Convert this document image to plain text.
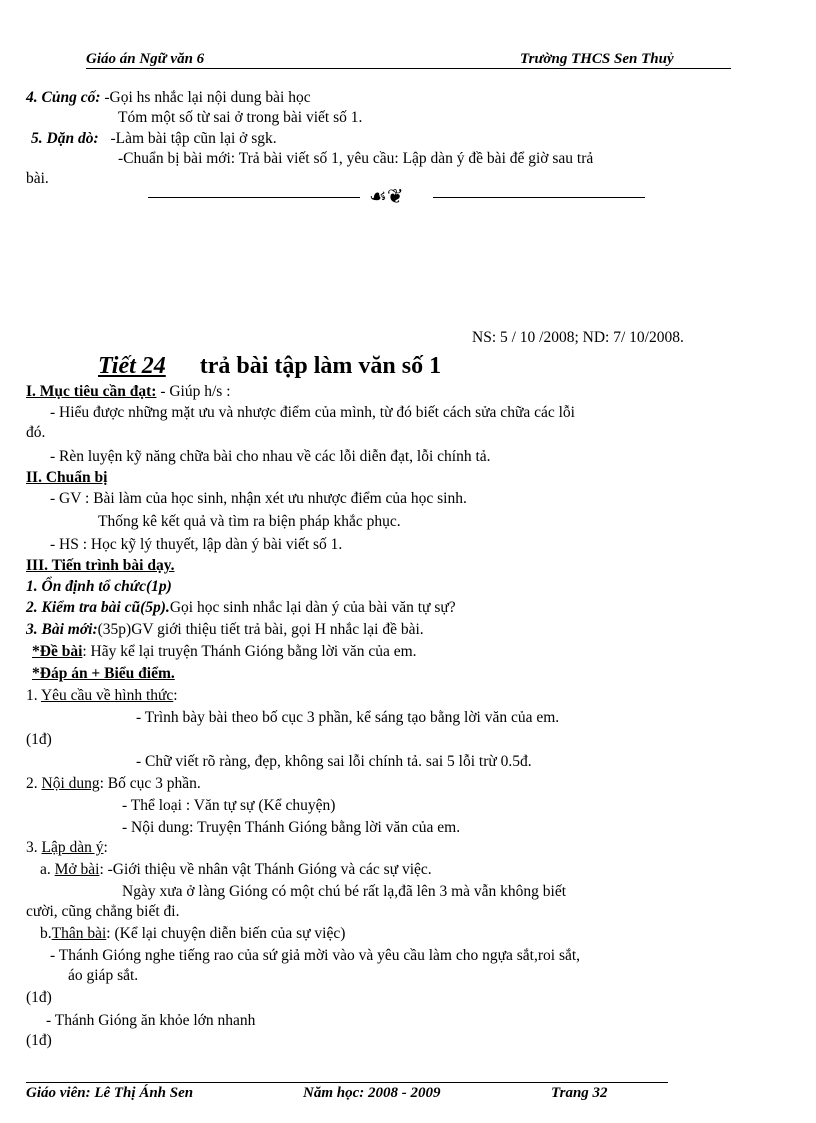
Giáo án Ngữ văn 6	Trường THCS Sen Thuỷ
4. Củng cố: -Gọi hs nhắc lại nội dung bài học
Tóm một số từ sai ở trong bài viết số 1.
5. Dặn dò: -Làm bài tập cũn lại ở sgk.
-Chuẩn bị bài mới: Trả bài viết số 1, yêu cầu: Lập dàn ý đề bài để giờ sau trả
bài.
☙❦
NS: 5 / 10 /2008; ND: 7/ 10/2008.
Tiết 24 trả bài tập làm văn số 1
I. Mục tiêu cần đạt: - Giúp h/s :
- Hiểu được những mặt ưu và nhược điểm của mình, từ đó biết cách sửa chữa các lỗi
đó.
- Rèn luyện kỹ năng chữa bài cho nhau về các lỗi diễn đạt, lỗi chính tả.
II. Chuẩn bị
- GV : Bài làm của học sinh, nhận xét ưu nhược điểm của học sinh.
Thống kê kết quả và tìm ra biện pháp khắc phục.
- HS : Học kỹ lý thuyết, lập dàn ý bài viết số 1.
III. Tiến trình bài dạy.
1. Ổn định tổ chức(1p)
2. Kiểm tra bài cũ(5p).Gọi học sinh nhắc lại dàn ý của bài văn tự sự?
3. Bài mới:(35p)GV giới thiệu tiết trả bài, gọi H nhắc lại đề bài.
*Đề bài: Hãy kể lại truyện Thánh Gióng bằng lời văn của em.
*Đáp án + Biểu điểm.
1. Yêu cầu về hình thức:
- Trình bày bài theo bố cục 3 phần, kể sáng tạo bằng lời văn của em.
(1đ)
- Chữ viết rõ ràng, đẹp, không sai lỗi chính tả. sai 5 lỗi trừ 0.5đ.
2. Nội dung: Bố cục 3 phần.
- Thể loại : Văn tự sự (Kể chuyện)
- Nội dung: Truyện Thánh Gióng bằng lời văn của em.
3. Lập dàn ý:
a. Mở bài: -Giới thiệu về nhân vật Thánh Gióng và các sự việc.
Ngày xưa ở làng Gióng có một chú bé rất lạ,đã lên 3 mà vẫn không biết
cười, cũng chẳng biết đi.
b.Thân bài: (Kể lại chuyện diễn biến của sự việc)
- Thánh Gióng nghe tiếng rao của sứ giả mời vào và yêu cầu làm cho ngựa sắt,roi sắt,
áo giáp sắt.
(1đ)
- Thánh Gióng ăn khỏe lớn nhanh
(1đ)
Giáo viên: Lê Thị Ánh Sen	Năm học: 2008 - 2009	Trang 32
